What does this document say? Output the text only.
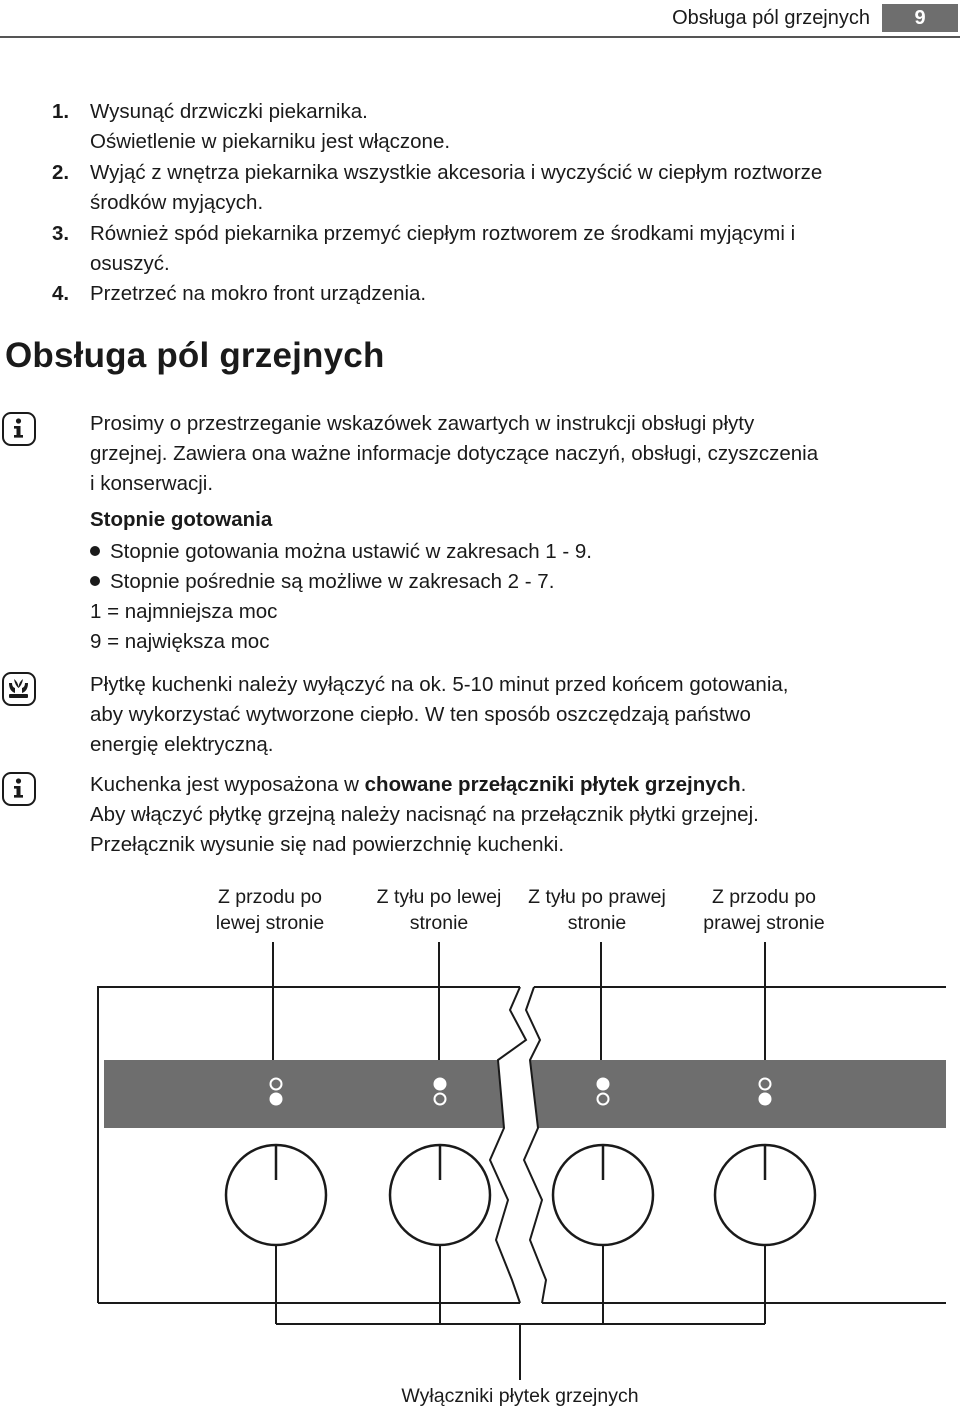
Obsługa pól grzejnych	9
1.	Wysunąć drzwiczki piekarnika.
Oświetlenie w piekarniku jest włączone.
2.	Wyjąć z wnętrza piekarnika wszystkie akcesoria i wyczyścić w ciepłym roztworze
środków myjących.
3.	Również spód piekarnika przemyć ciepłym roztworem ze środkami myjącymi i
osuszyć.
4.	Przetrzeć na mokro front urządzenia.
Obsługa pól grzejnych
Prosimy o przestrzeganie wskazówek zawartych w instrukcji obsługi płyty
grzejnej. Zawiera ona ważne informacje dotyczące naczyń, obsługi, czyszczenia
i konserwacji.
Stopnie gotowania
Stopnie gotowania można ustawić w zakresach 1 - 9.
Stopnie pośrednie są możliwe w zakresach 2 - 7.
1 = najmniejsza moc
9 = największa moc
Płytkę kuchenki należy wyłączyć na ok. 5-10 minut przed końcem gotowania,
aby wykorzystać wytworzone ciepło. W ten sposób oszczędzają państwo
energię elektryczną.
Kuchenka jest wyposażona w chowane przełączniki płytek grzejnych.
Aby włączyć płytkę grzejną należy nacisnąć na przełącznik płytki grzejnej.
Przełącznik wysunie się nad powierzchnię kuchenki.
Z przodu po
lewej stronie
Z tyłu po lewej
stronie
Z tyłu po prawej
stronie
Z przodu po
prawej stronie
Wyłączniki płytek grzejnych
